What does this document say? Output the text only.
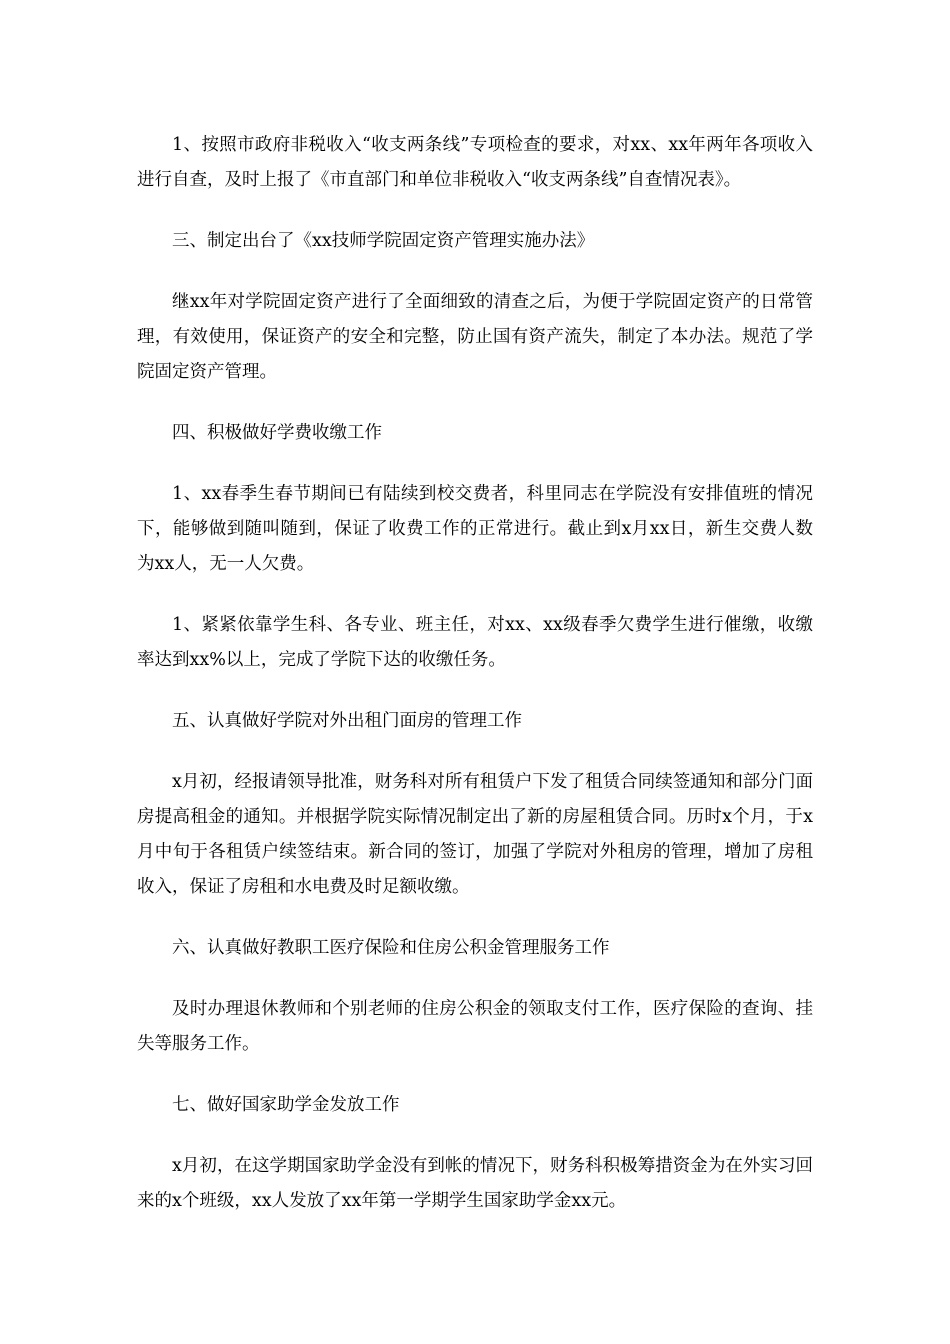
1、按照市政府非税收入“收支两条线”专项检查的要求，对xx、xx年两年各项收入进行自查，及时上报了《市直部门和单位非税收入“收支两条线”自查情况表》。

三、制定出台了《xx技师学院固定资产管理实施办法》

继xx年对学院固定资产进行了全面细致的清查之后，为便于学院固定资产的日常管理，有效使用，保证资产的安全和完整，防止国有资产流失，制定了本办法。规范了学院固定资产管理。

四、积极做好学费收缴工作

1、xx春季生春节期间已有陆续到校交费者，科里同志在学院没有安排值班的情况下，能够做到随叫随到，保证了收费工作的正常进行。截止到x月xx日，新生交费人数为xx人，无一人欠费。

1、紧紧依靠学生科、各专业、班主任，对xx、xx级春季欠费学生进行催缴，收缴率达到xx%以上，完成了学院下达的收缴任务。

五、认真做好学院对外出租门面房的管理工作

x月初，经报请领导批准，财务科对所有租赁户下发了租赁合同续签通知和部分门面房提高租金的通知。并根据学院实际情况制定出了新的房屋租赁合同。历时x个月，于x月中旬于各租赁户续签结束。新合同的签订，加强了学院对外租房的管理，增加了房租收入，保证了房租和水电费及时足额收缴。

六、认真做好教职工医疗保险和住房公积金管理服务工作

及时办理退休教师和个别老师的住房公积金的领取支付工作，医疗保险的查询、挂失等服务工作。

七、做好国家助学金发放工作

x月初，在这学期国家助学金没有到帐的情况下，财务科积极筹措资金为在外实习回来的x个班级，xx人发放了xx年第一学期学生国家助学金xx元。
